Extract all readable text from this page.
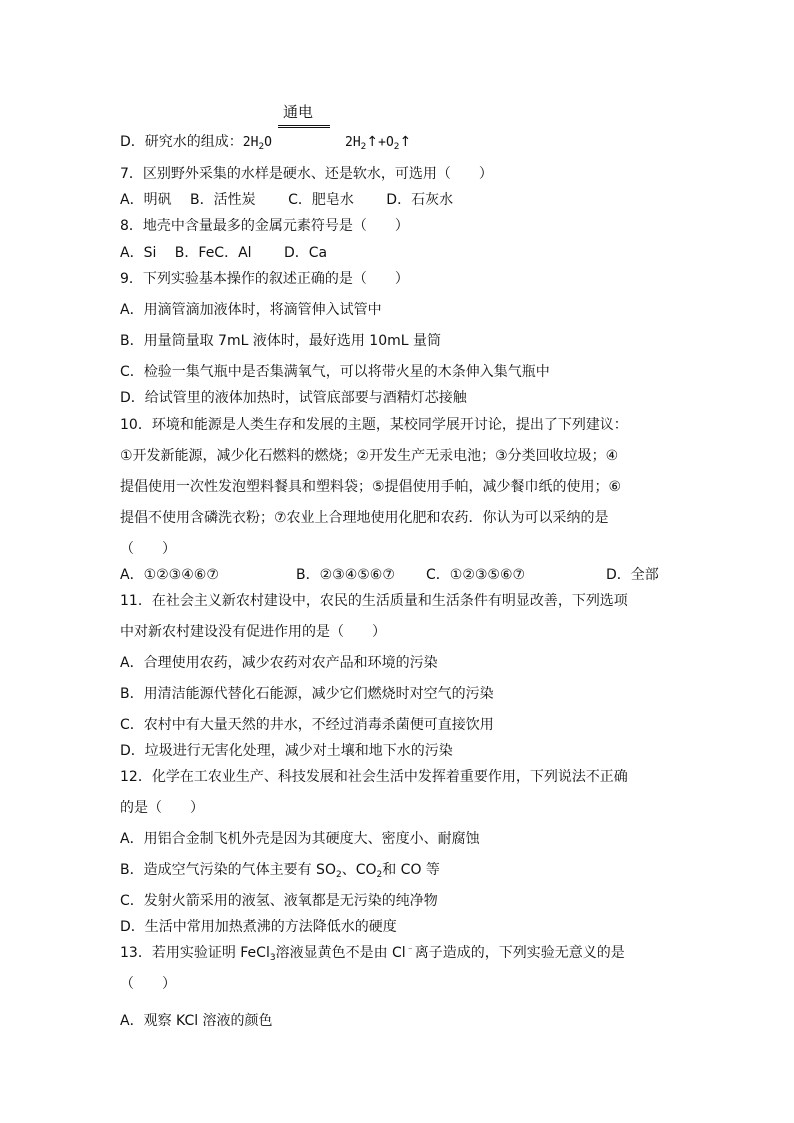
通电
D．研究水的组成：$2H_2O$	$2H_2↑+O_2↑$
7．区别野外采集的水样是硬水、还是软水，可选用（　　）
A．明矾　 B．活性炭　　 C．肥皂水　　 D．石灰水
8．地壳中含量最多的金属元素符号是（　　）
A．Si　 B．FeC．Al　　 D．Ca
9．下列实验基本操作的叙述正确的是（　　）
A．用滴管滴加液体时，将滴管伸入试管中
B．用量筒量取 7mL 液体时，最好选用 10mL 量筒
C．检验一集气瓶中是否集满氧气，可以将带火星的木条伸入集气瓶中
D．给试管里的液体加热时，试管底部要与酒精灯芯接触
10．环境和能源是人类生存和发展的主题，某校同学展开讨论，提出了下列建议：
①开发新能源，减少化石燃料的燃烧；②开发生产无汞电池；③分类回收垃圾；④
提倡使用一次性发泡塑料餐具和塑料袋；⑤提倡使用手帕，减少餐巾纸的使用；⑥
提倡不使用含磷洗衣粉；⑦农业上合理地使用化肥和农药．你认为可以采纳的是
（　　）
A．①②③④⑥⑦	B．②③④⑤⑥⑦ C．①②③⑤⑥⑦	D．全部
11．在社会主义新农村建设中，农民的生活质量和生活条件有明显改善，下列选项
中对新农村建设没有促进作用的是（　　）
A．合理使用农药，减少农药对农产品和环境的污染
B．用清洁能源代替化石能源，减少它们燃烧时对空气的污染
C．农村中有大量天然的井水，不经过消毒杀菌便可直接饮用
D．垃圾进行无害化处理，减少对土壤和地下水的污染
12．化学在工农业生产、科技发展和社会生活中发挥着重要作用，下列说法不正确
的是（　　）
A．用铝合金制飞机外壳是因为其硬度大、密度小、耐腐蚀
B．造成空气污染的气体主要有 $SO_2$、$CO_2$和 CO 等
C．发射火箭采用的液氢、液氧都是无污染的纯净物
D．生活中常用加热煮沸的方法降低水的硬度
13．若用实验证明 FeCl$_3$溶液显黄色不是由 Cl﹣离子造成的，下列实验无意义的是
（　　）
A．观察 KCl 溶液的颜色
